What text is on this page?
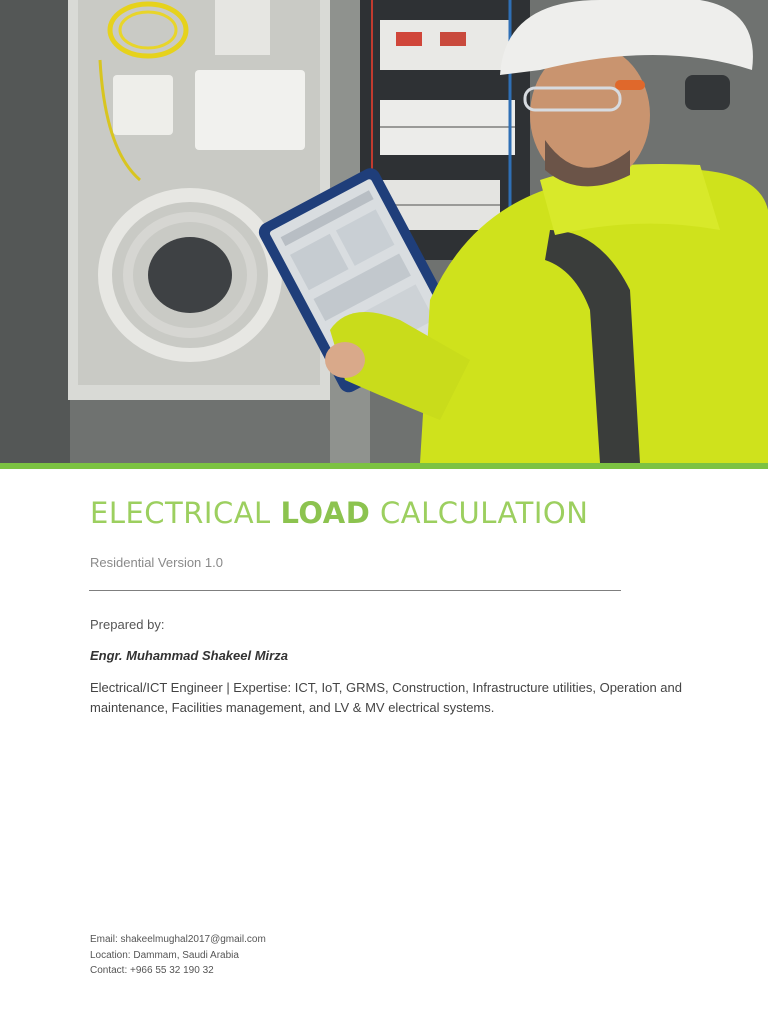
ELECTRICAL LOAD CALCULATION
Residential Version 1.0
Prepared by:
Engr. Muhammad Shakeel Mirza
Electrical/ICT Engineer | Expertise: ICT, IoT, GRMS, Construction, Infrastructure utilities, Operation and maintenance, Facilities management, and LV & MV electrical systems.
Email: shakeelmughal2017@gmail.com
Location: Dammam, Saudi Arabia
Contact: +966 55 32 190 32
